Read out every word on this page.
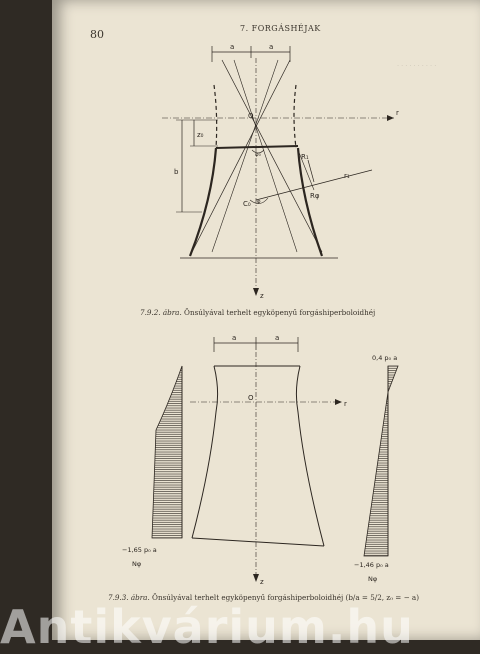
80	7. FORGÁSHÉJAK
. . . . . . . . . .
a	a
O	r
z₀
b
φ₀	R₁
r₁
Rφ
C₀ φ
z
7.9.2. ábra. Önsúlyával terhelt egyköpenyű forgáshiperboloidhéj
a	a
O
r
z
0,4 p₀ a
−1,65 p₀ a
−1,46 p₀ a
Nφ
Nφ
7.9.3. ábra. Önsúlyával terhelt egyköpenyű forgáshiperboloidhéj (b/a = 5/2, z₀ = − a)
Antikvárium.hu
